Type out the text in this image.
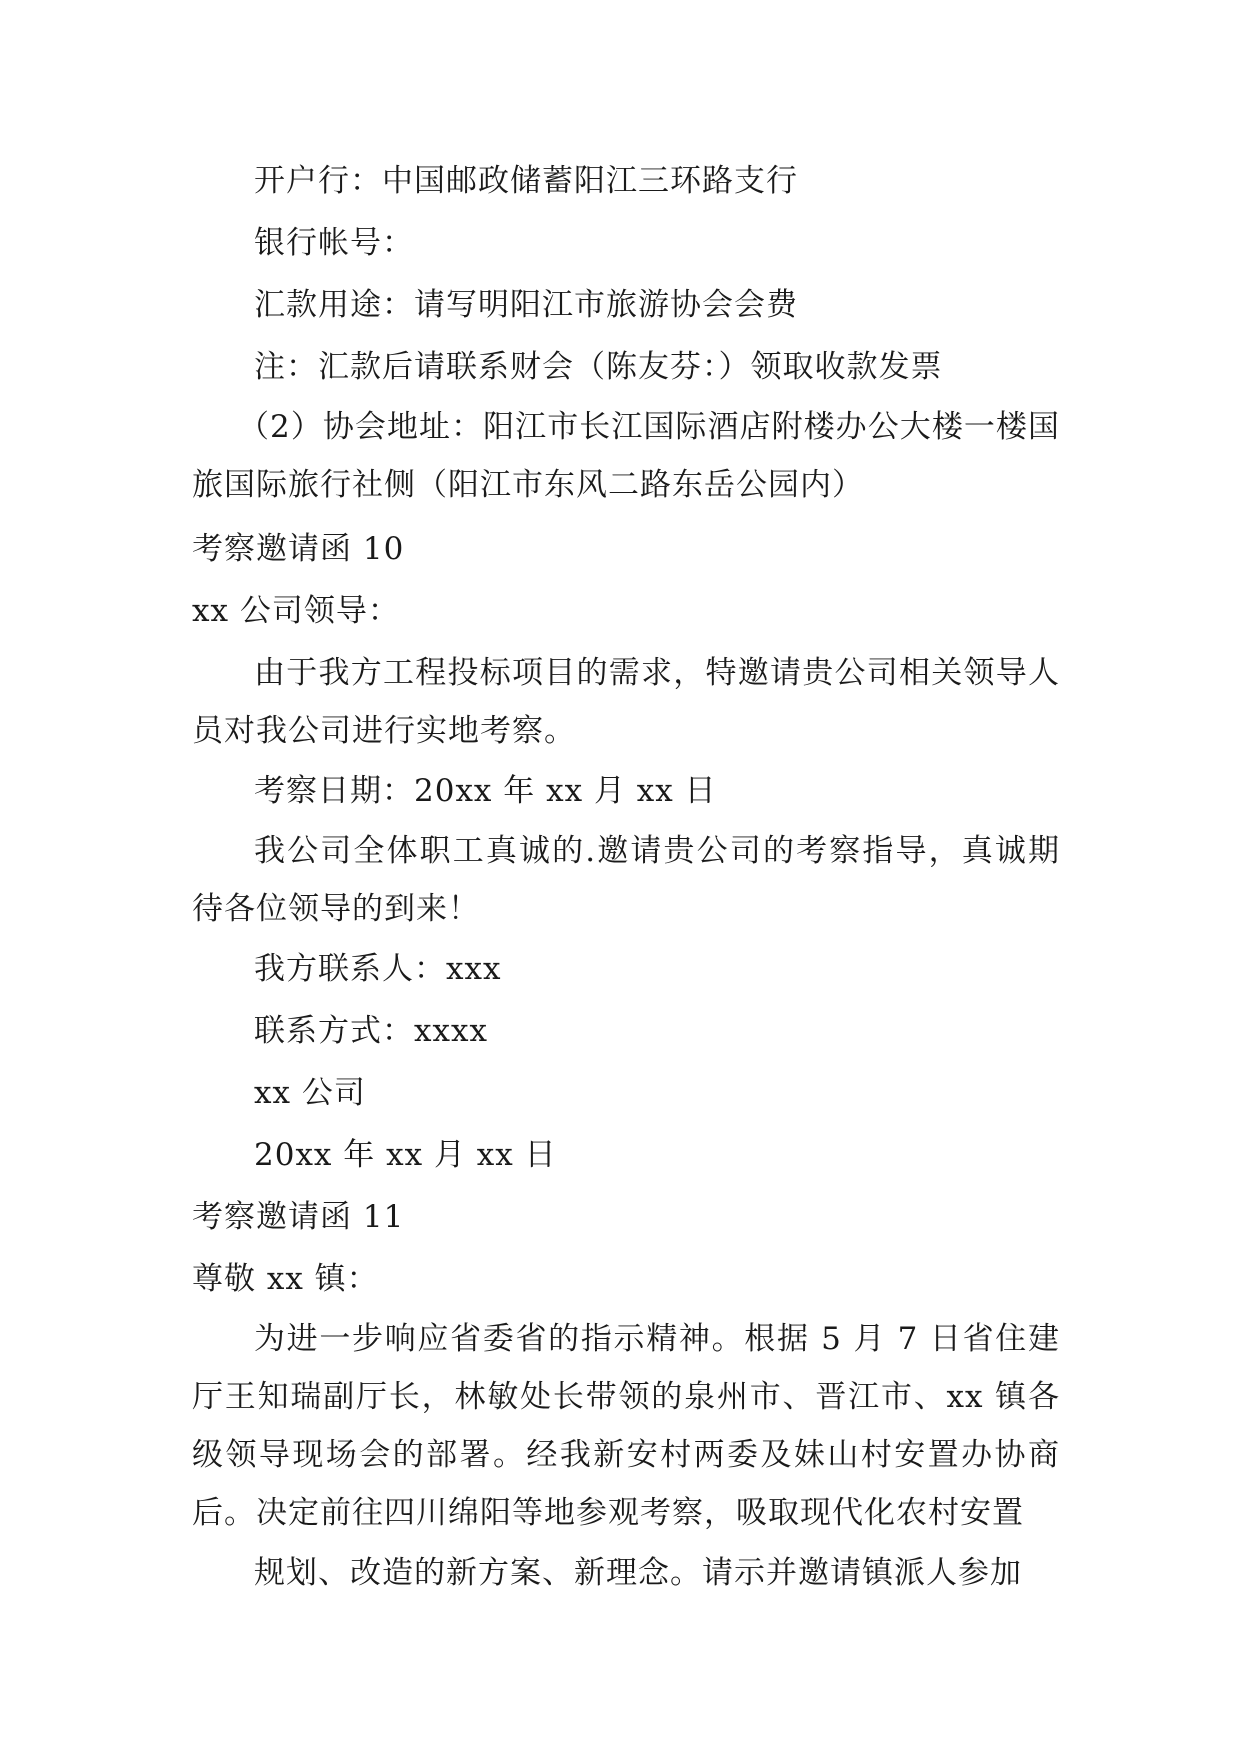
开户行：中国邮政储蓄阳江三环路支行
银行帐号：
汇款用途：请写明阳江市旅游协会会费
注：汇款后请联系财会（陈友芬：）领取收款发票
（2）协会地址：阳江市长江国际酒店附楼办公大楼一楼国旅国际旅行社侧（阳江市东风二路东岳公园内）
考察邀请函 10
xx 公司领导：
由于我方工程投标项目的需求，特邀请贵公司相关领导人员对我公司进行实地考察。
考察日期：20xx 年 xx 月 xx 日
我公司全体职工真诚的.邀请贵公司的考察指导，真诚期待各位领导的到来！
我方联系人：xxx
联系方式：xxxx
xx 公司
20xx 年 xx 月 xx 日
考察邀请函 11
尊敬 xx 镇：
为进一步响应省委省的指示精神。根据 5 月 7 日省住建厅王知瑞副厅长，林敏处长带领的泉州市、晋江市、xx 镇各级领导现场会的部署。经我新安村两委及妹山村安置办协商后。决定前往四川绵阳等地参观考察，吸取现代化农村安置
规划、改造的新方案、新理念。请示并邀请镇派人参加
